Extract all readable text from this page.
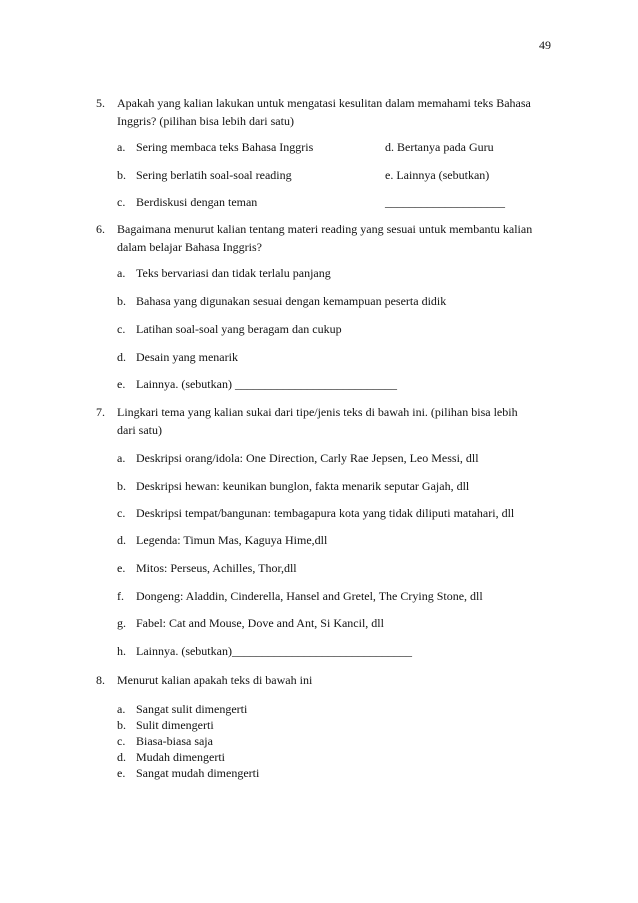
49
5. Apakah yang kalian lakukan untuk mengatasi kesulitan dalam memahami teks Bahasa
Inggris? (pilihan bisa lebih dari satu)
a. Sering membaca teks Bahasa Inggris	d. Bertanya pada Guru
b. Sering berlatih soal-soal reading	e. Lainnya (sebutkan)
c. Berdiskusi dengan teman	____________________
6. Bagaimana menurut kalian tentang materi reading yang sesuai untuk membantu kalian
dalam belajar Bahasa Inggris?
a. Teks bervariasi dan tidak terlalu panjang
b. Bahasa yang digunakan sesuai dengan kemampuan peserta didik
c. Latihan soal-soal yang beragam dan cukup
d. Desain yang menarik
e. Lainnya. (sebutkan) ___________________________
7. Lingkari tema yang kalian sukai dari tipe/jenis teks di bawah ini. (pilihan bisa lebih
dari satu)
a. Deskripsi orang/idola: One Direction, Carly Rae Jepsen, Leo Messi, dll
b. Deskripsi hewan: keunikan bunglon, fakta menarik seputar Gajah, dll
c. Deskripsi tempat/bangunan: tembagapura kota yang tidak diliputi matahari, dll
d. Legenda: Timun Mas, Kaguya Hime,dll
e. Mitos: Perseus, Achilles, Thor,dll
f. Dongeng: Aladdin, Cinderella, Hansel and Gretel, The Crying Stone, dll
g. Fabel: Cat and Mouse, Dove and Ant, Si Kancil, dll
h. Lainnya. (sebutkan)______________________________
8. Menurut kalian apakah teks di bawah ini
a. Sangat sulit dimengerti
b. Sulit dimengerti
c. Biasa-biasa saja
d. Mudah dimengerti
e. Sangat mudah dimengerti
